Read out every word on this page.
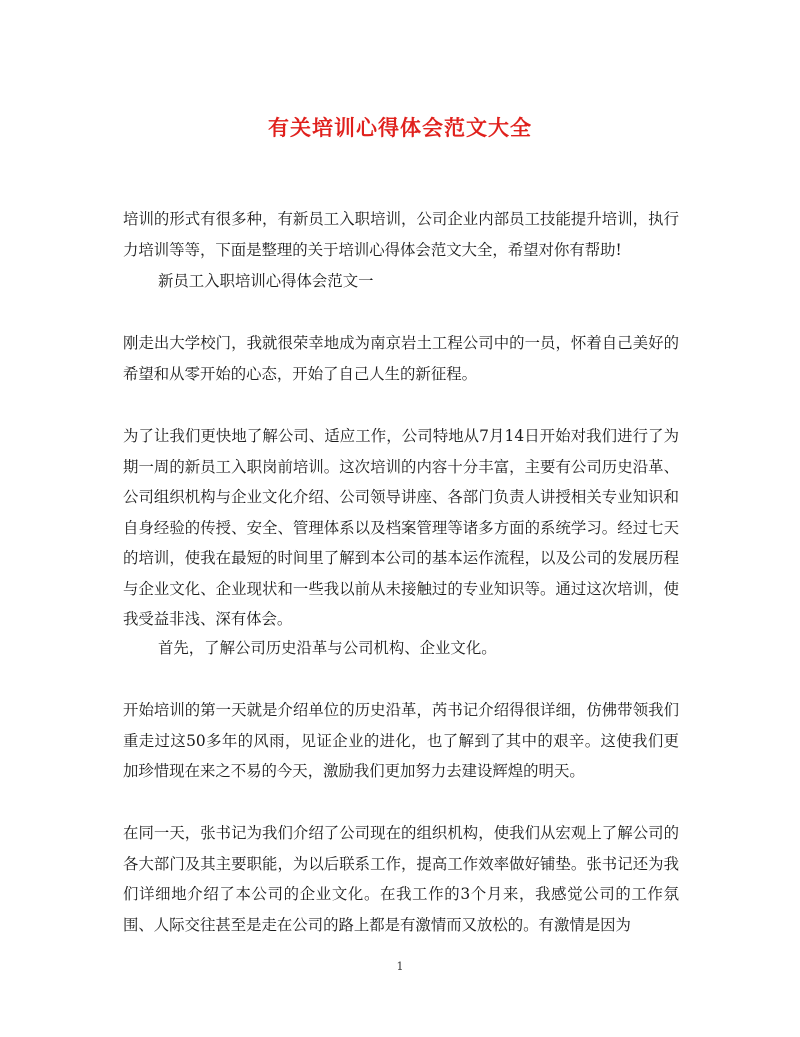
有关培训心得体会范文大全
培训的形式有很多种，有新员工入职培训，公司企业内部员工技能提升培训，执行力培训等等，下面是整理的关于培训心得体会范文大全，希望对你有帮助!
新员工入职培训心得体会范文一
刚走出大学校门，我就很荣幸地成为南京岩土工程公司中的一员，怀着自己美好的希望和从零开始的心态，开始了自己人生的新征程。
为了让我们更快地了解公司、适应工作，公司特地从7月14日开始对我们进行了为期一周的新员工入职岗前培训。这次培训的内容十分丰富，主要有公司历史沿革、公司组织机构与企业文化介绍、公司领导讲座、各部门负责人讲授相关专业知识和自身经验的传授、安全、管理体系以及档案管理等诸多方面的系统学习。经过七天的培训，使我在最短的时间里了解到本公司的基本运作流程，以及公司的发展历程与企业文化、企业现状和一些我以前从未接触过的专业知识等。通过这次培训，使我受益非浅、深有体会。
首先，了解公司历史沿革与公司机构、企业文化。
开始培训的第一天就是介绍单位的历史沿革，芮书记介绍得很详细，仿佛带领我们重走过这50多年的风雨，见证企业的进化，也了解到了其中的艰辛。这使我们更加珍惜现在来之不易的今天，激励我们更加努力去建设辉煌的明天。
在同一天，张书记为我们介绍了公司现在的组织机构，使我们从宏观上了解公司的各大部门及其主要职能，为以后联系工作，提高工作效率做好铺垫。张书记还为我们详细地介绍了本公司的企业文化。在我工作的3个月来，我感觉公司的工作氛围、人际交往甚至是走在公司的路上都是有激情而又放松的。有激情是因为
1
